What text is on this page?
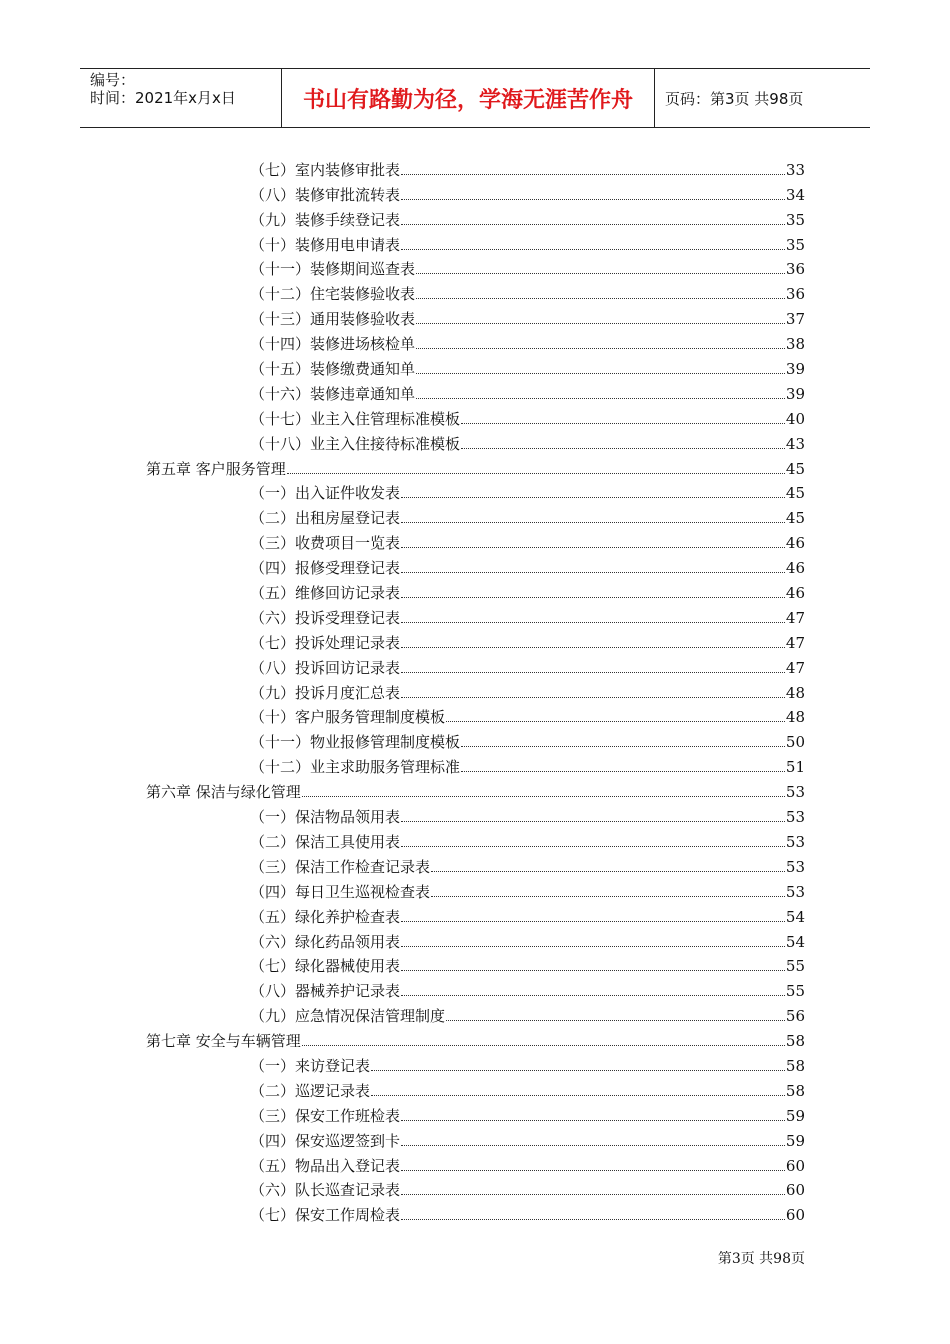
编号：
时间：2021年x月x日	书山有路勤为径，学海无涯苦作舟	页码：第3页 共98页
（七）室内装修审批表	33
（八）装修审批流转表	34
（九）装修手续登记表	35
（十）装修用电申请表	35
（十一）装修期间巡查表	36
（十二）住宅装修验收表	36
（十三）通用装修验收表	37
（十四）装修进场核检单	38
（十五）装修缴费通知单	39
（十六）装修违章通知单	39
（十七）业主入住管理标准模板	40
（十八）业主入住接待标准模板	43
第五章 客户服务管理	45
（一）出入证件收发表	45
（二）出租房屋登记表	45
（三）收费项目一览表	46
（四）报修受理登记表	46
（五）维修回访记录表	46
（六）投诉受理登记表	47
（七）投诉处理记录表	47
（八）投诉回访记录表	47
（九）投诉月度汇总表	48
（十）客户服务管理制度模板	48
（十一）物业报修管理制度模板	50
（十二）业主求助服务管理标准	51
第六章 保洁与绿化管理	53
（一）保洁物品领用表	53
（二）保洁工具使用表	53
（三）保洁工作检查记录表	53
（四）每日卫生巡视检查表	53
（五）绿化养护检查表	54
（六）绿化药品领用表	54
（七）绿化器械使用表	55
（八）器械养护记录表	55
（九）应急情况保洁管理制度	56
第七章 安全与车辆管理	58
（一）来访登记表	58
（二）巡逻记录表	58
（三）保安工作班检表	59
（四）保安巡逻签到卡	59
（五）物品出入登记表	60
（六）队长巡查记录表	60
（七）保安工作周检表	60
第3页 共98页
